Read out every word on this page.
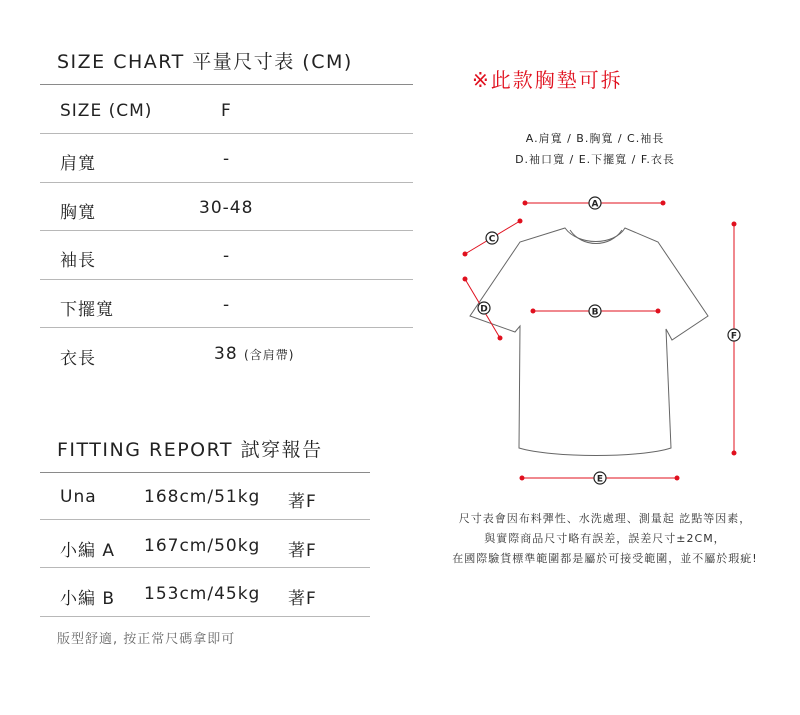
SIZE CHART 平量尺寸表 (CM)
SIZE (CM)	F
肩寬	-
胸寬	30-48
袖長	-
下擺寬	-
衣長	38 (含肩帶)
FITTING REPORT 試穿報告
Una	168cm/51kg 著F
小編 A 167cm/50kg 著F
小編 B 153cm/45kg 著F
版型舒適, 按正常尺碼拿即可
※此款胸墊可拆
A.肩寬 / B.胸寬 / C.袖長
D.袖口寬 / E.下擺寬 / F.衣長
A
C
D	B
F
E
尺寸表會因布料彈性、水洗處理、測量起 訖點等因素，
與實際商品尺寸略有誤差，誤差尺寸±2CM，
在國際驗貨標準範圍都是屬於可接受範圍，並不屬於瑕疵!
